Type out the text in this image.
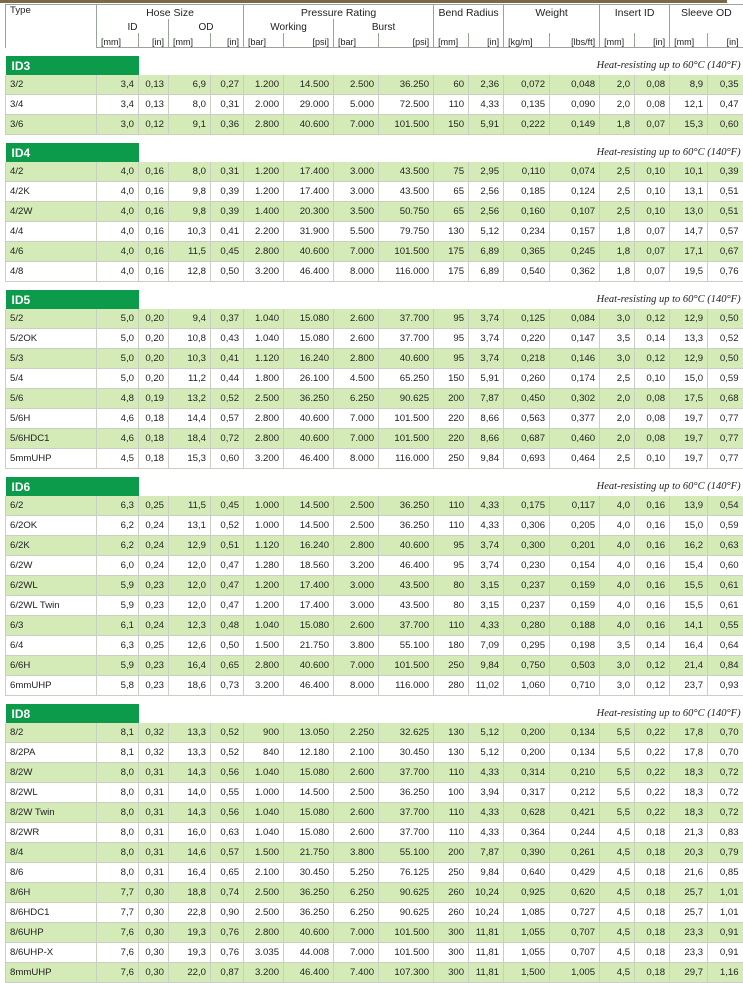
Type	Hose Size				Pressure Rating				Bend Radius		Weight		Insert ID		Sleeve OD	
	ID		OD		Working		Burst									
	[mm]	[in]	[mm]	[in]	[bar]	[psi]	[bar]	[psi]	[mm]	[in]	[kg/m]	[lbs/ft]	[mm]	[in]	[mm]	[in]

ID3		Heat-resisting up to 60°C (140°F)														
3/2	3,4	0,13	6,9	0,27	1.200	14.500	2.500	36.250	60	2,36	0,072	0,048	2,0	0,08	8,9	0,35
3/4	3,4	0,13	8,0	0,31	2.000	29.000	5.000	72.500	110	4,33	0,135	0,090	2,0	0,08	12,1	0,47
3/6	3,0	0,12	9,1	0,36	2.800	40.600	7.000	101.500	150	5,91	0,222	0,149	1,8	0,07	15,3	0,60

ID4		Heat-resisting up to 60°C (140°F)														
4/2	4,0	0,16	8,0	0,31	1.200	17.400	3.000	43.500	75	2,95	0,110	0,074	2,5	0,10	10,1	0,39
4/2K	4,0	0,16	9,8	0,39	1.200	17.400	3.000	43.500	65	2,56	0,185	0,124	2,5	0,10	13,1	0,51
4/2W	4,0	0,16	9,8	0,39	1.400	20.300	3.500	50.750	65	2,56	0,160	0,107	2,5	0,10	13,0	0,51
4/4	4,0	0,16	10,3	0,41	2.200	31.900	5.500	79.750	130	5,12	0,234	0,157	1,8	0,07	14,7	0,57
4/6	4,0	0,16	11,5	0,45	2.800	40.600	7.000	101.500	175	6,89	0,365	0,245	1,8	0,07	17,1	0,67
4/8	4,0	0,16	12,8	0,50	3.200	46.400	8.000	116.000	175	6,89	0,540	0,362	1,8	0,07	19,5	0,76

ID5		Heat-resisting up to 60°C (140°F)														
5/2	5,0	0,20	9,4	0,37	1.040	15.080	2.600	37.700	95	3,74	0,125	0,084	3,0	0,12	12,9	0,50
5/2OK	5,0	0,20	10,8	0,43	1.040	15.080	2.600	37.700	95	3,74	0,220	0,147	3,5	0,14	13,3	0,52
5/3	5,0	0,20	10,3	0,41	1.120	16.240	2.800	40.600	95	3,74	0,218	0,146	3,0	0,12	12,9	0,50
5/4	5,0	0,20	11,2	0,44	1.800	26.100	4.500	65.250	150	5,91	0,260	0,174	2,5	0,10	15,0	0,59
5/6	4,8	0,19	13,2	0,52	2.500	36.250	6.250	90.625	200	7,87	0,450	0,302	2,0	0,08	17,5	0,68
5/6H	4,6	0,18	14,4	0,57	2.800	40.600	7.000	101.500	220	8,66	0,563	0,377	2,0	0,08	19,7	0,77
5/6HDC1	4,6	0,18	18,4	0,72	2.800	40.600	7.000	101.500	220	8,66	0,687	0,460	2,0	0,08	19,7	0,77
5mmUHP	4,5	0,18	15,3	0,60	3.200	46.400	8.000	116.000	250	9,84	0,693	0,464	2,5	0,10	19,7	0,77

ID6		Heat-resisting up to 60°C (140°F)														
6/2	6,3	0,25	11,5	0,45	1.000	14.500	2.500	36.250	110	4,33	0,175	0,117	4,0	0,16	13,9	0,54
6/2OK	6,2	0,24	13,1	0,52	1.000	14.500	2.500	36.250	110	4,33	0,306	0,205	4,0	0,16	15,0	0,59
6/2K	6,2	0,24	12,9	0,51	1.120	16.240	2.800	40.600	95	3,74	0,300	0,201	4,0	0,16	16,2	0,63
6/2W	6,0	0,24	12,0	0,47	1.280	18.560	3.200	46.400	95	3,74	0,230	0,154	4,0	0,16	15,4	0,60
6/2WL	5,9	0,23	12,0	0,47	1.200	17.400	3.000	43.500	80	3,15	0,237	0,159	4,0	0,16	15,5	0,61
6/2WL Twin	5,9	0,23	12,0	0,47	1.200	17.400	3.000	43.500	80	3,15	0,237	0,159	4,0	0,16	15,5	0,61
6/3	6,1	0,24	12,3	0,48	1.040	15.080	2.600	37.700	110	4,33	0,280	0,188	4,0	0,16	14,1	0,55
6/4	6,3	0,25	12,6	0,50	1.500	21.750	3.800	55.100	180	7,09	0,295	0,198	3,5	0,14	16,4	0,64
6/6H	5,9	0,23	16,4	0,65	2.800	40.600	7.000	101.500	250	9,84	0,750	0,503	3,0	0,12	21,4	0,84
6mmUHP	5,8	0,23	18,6	0,73	3.200	46.400	8.000	116.000	280	11,02	1,060	0,710	3,0	0,12	23,7	0,93

ID8		Heat-resisting up to 60°C (140°F)														
8/2	8,1	0,32	13,3	0,52	900	13.050	2.250	32.625	130	5,12	0,200	0,134	5,5	0,22	17,8	0,70
8/2PA	8,1	0,32	13,3	0,52	840	12.180	2.100	30.450	130	5,12	0,200	0,134	5,5	0,22	17,8	0,70
8/2W	8,0	0,31	14,3	0,56	1.040	15.080	2.600	37.700	110	4,33	0,314	0,210	5,5	0,22	18,3	0,72
8/2WL	8,0	0,31	14,0	0,55	1.000	14.500	2.500	36.250	100	3,94	0,317	0,212	5,5	0,22	18,3	0,72
8/2W Twin	8,0	0,31	14,3	0,56	1.040	15.080	2.600	37.700	110	4,33	0,628	0,421	5,5	0,22	18,3	0,72
8/2WR	8,0	0,31	16,0	0,63	1.040	15.080	2.600	37.700	110	4,33	0,364	0,244	4,5	0,18	21,3	0,83
8/4	8,0	0,31	14,6	0,57	1.500	21.750	3.800	55.100	200	7,87	0,390	0,261	4,5	0,18	20,3	0,79
8/6	8,0	0,31	16,4	0,65	2.100	30.450	5.250	76.125	250	9,84	0,640	0,429	4,5	0,18	21,6	0,85
8/6H	7,7	0,30	18,8	0,74	2.500	36.250	6.250	90.625	260	10,24	0,925	0,620	4,5	0,18	25,7	1,01
8/6HDC1	7,7	0,30	22,8	0,90	2.500	36.250	6.250	90.625	260	10,24	1,085	0,727	4,5	0,18	25,7	1,01
8/6UHP	7,6	0,30	19,3	0,76	2.800	40.600	7.000	101.500	300	11,81	1,055	0,707	4,5	0,18	23,3	0,91
8/6UHP-X	7,6	0,30	19,3	0,76	3.035	44.008	7.000	101.500	300	11,81	1,055	0,707	4,5	0,18	23,3	0,91
8mmUHP	7,6	0,30	22,0	0,87	3.200	46.400	7.400	107.300	300	11,81	1,500	1,005	4,5	0,18	29,7	1,16
